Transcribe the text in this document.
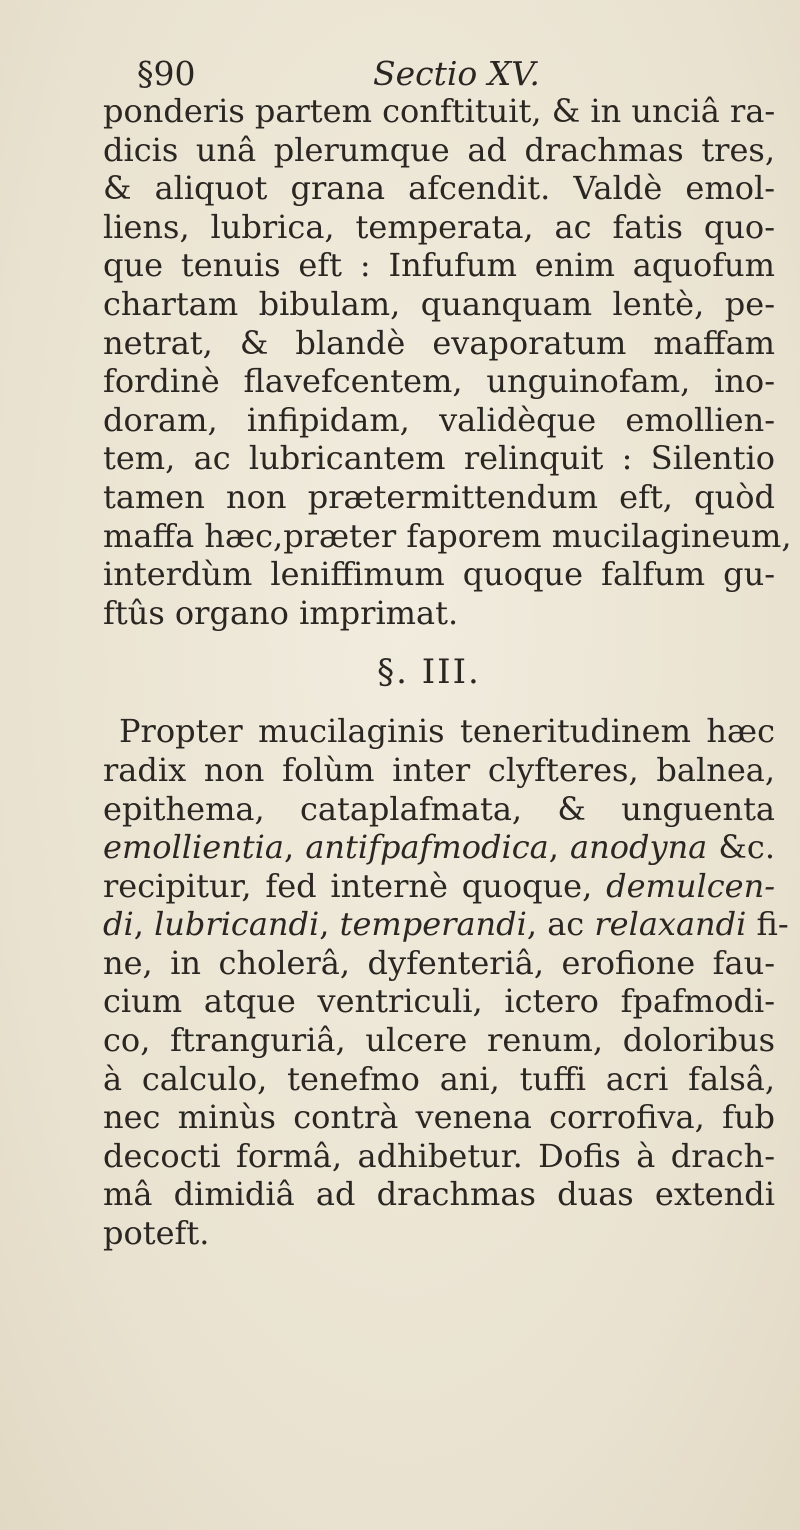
§90	Sectio XV.
ponderis partem conftituit, & in unciâ ra-
dicis unâ plerumque ad drachmas tres,
& aliquot grana afcendit. Valdè emol-
liens, lubrica, temperata, ac fatis quo-
que tenuis eft : Infufum enim aquofum
chartam bibulam, quanquam lentè, pe-
netrat, & blandè evaporatum maffam
fordinè flavefcentem, unguinofam, ino-
doram, infipidam, validèque emollien-
tem, ac lubricantem relinquit : Silentio
tamen non prætermittendum eft, quòd
maffa hæc,præter faporem mucilagineum,
interdùm leniffimum quoque falfum gu-
ftûs organo imprimat.
§. III.
Propter mucilaginis teneritudinem hæc
radix non folùm inter clyfteres, balnea,
epithema, cataplafmata, & unguenta
emollientia, antifpafmodica, anodyna &c.
recipitur, fed internè quoque, demulcen-
di, lubricandi, temperandi, ac relaxandi fi-
ne, in cholerâ, dyfenteriâ, erofione fau-
cium atque ventriculi, ictero fpafmodi-
co, ftranguriâ, ulcere renum, doloribus
à calculo, tenefmo ani, tuffi acri falsâ,
nec minùs contrà venena corrofiva, fub
decocti formâ, adhibetur. Dofis à drach-
mâ dimidiâ ad drachmas duas extendi
poteft.
